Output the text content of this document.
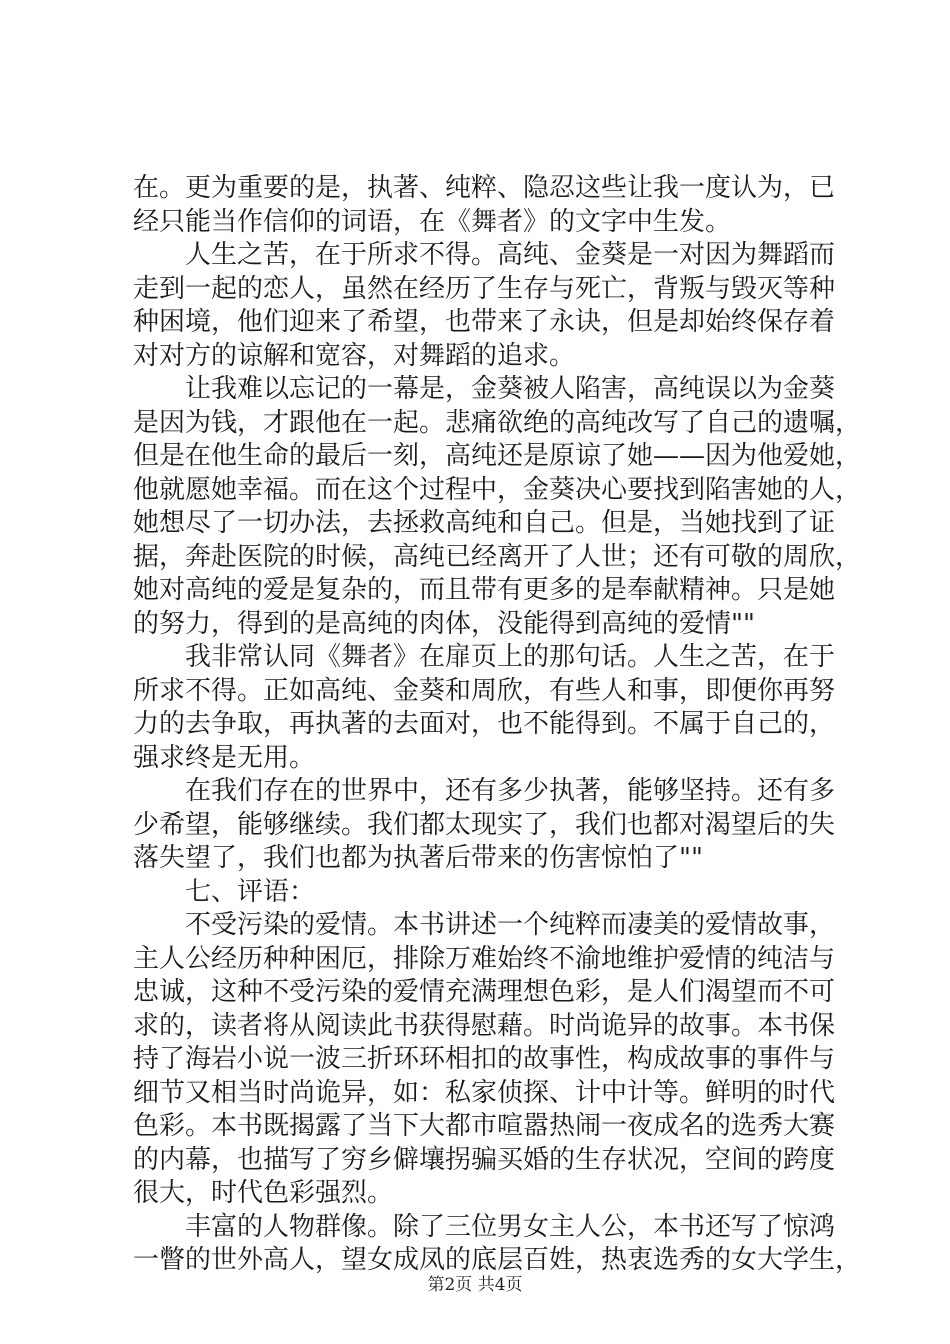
在。更为重要的是，执著、纯粹、隐忍这些让我一度认为，已
经只能当作信仰的词语，在《舞者》的文字中生发。
人生之苦，在于所求不得。高纯、金葵是一对因为舞蹈而
走到一起的恋人，虽然在经历了生存与死亡，背叛与毁灭等种
种困境，他们迎来了希望，也带来了永诀，但是却始终保存着
对对方的谅解和宽容，对舞蹈的追求。
让我难以忘记的一幕是，金葵被人陷害，高纯误以为金葵
是因为钱，才跟他在一起。悲痛欲绝的高纯改写了自己的遗嘱，
但是在他生命的最后一刻，高纯还是原谅了她——因为他爱她，
他就愿她幸福。而在这个过程中，金葵决心要找到陷害她的人，
她想尽了一切办法，去拯救高纯和自己。但是，当她找到了证
据，奔赴医院的时候，高纯已经离开了人世；还有可敬的周欣，
她对高纯的爱是复杂的，而且带有更多的是奉献精神。只是她
的努力，得到的是高纯的肉体，没能得到高纯的爱情""
我非常认同《舞者》在扉页上的那句话。人生之苦，在于
所求不得。正如高纯、金葵和周欣，有些人和事，即便你再努
力的去争取，再执著的去面对，也不能得到。不属于自己的，
强求终是无用。
在我们存在的世界中，还有多少执著，能够坚持。还有多
少希望，能够继续。我们都太现实了，我们也都对渴望后的失
落失望了，我们也都为执著后带来的伤害惊怕了""
七、评语：
不受污染的爱情。本书讲述一个纯粹而凄美的爱情故事，
主人公经历种种困厄，排除万难始终不渝地维护爱情的纯洁与
忠诚，这种不受污染的爱情充满理想色彩，是人们渴望而不可
求的，读者将从阅读此书获得慰藉。时尚诡异的故事。本书保
持了海岩小说一波三折环环相扣的故事性，构成故事的事件与
细节又相当时尚诡异，如：私家侦探、计中计等。鲜明的时代
色彩。本书既揭露了当下大都市喧嚣热闹一夜成名的选秀大赛
的内幕，也描写了穷乡僻壤拐骗买婚的生存状况，空间的跨度
很大，时代色彩强烈。
丰富的人物群像。除了三位男女主人公，本书还写了惊鸿
一瞥的世外高人，望女成凤的底层百姓，热衷选秀的女大学生，
第2页 共4页
